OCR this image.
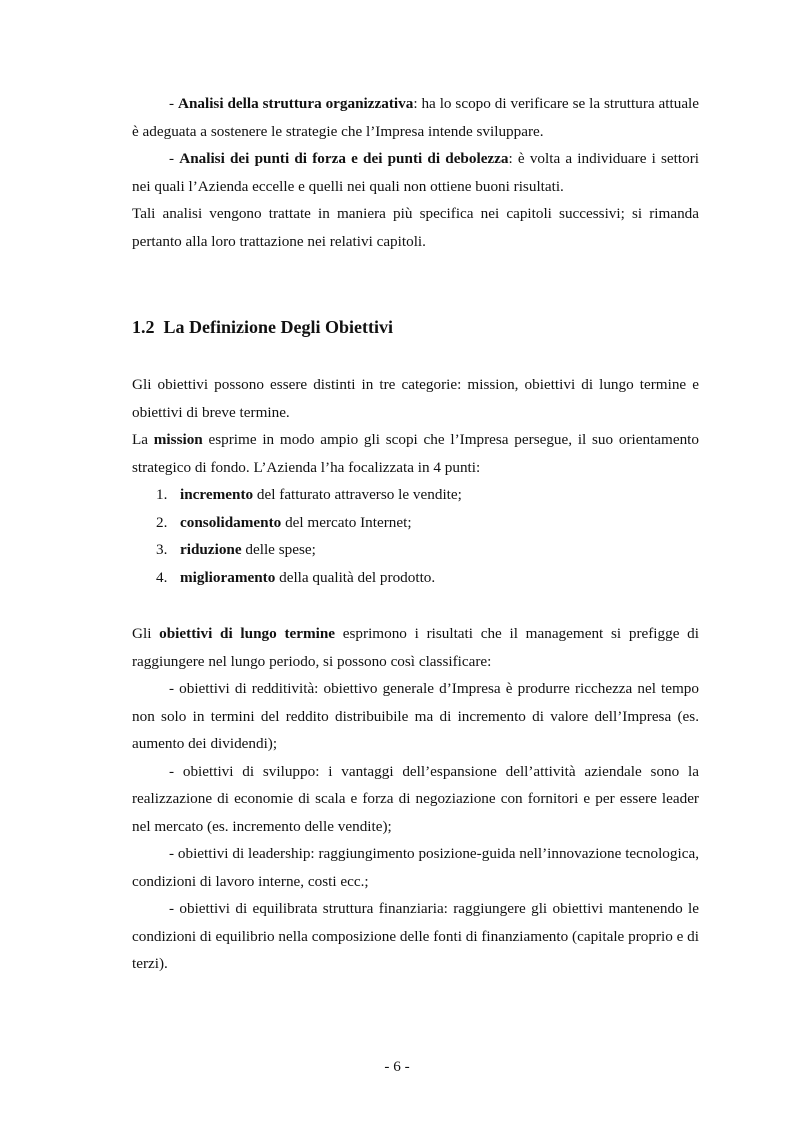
- Analisi della struttura organizzativa: ha lo scopo di verificare se la struttura attuale è adeguata a sostenere le strategie che l’Impresa intende sviluppare.

- Analisi dei punti di forza e dei punti di debolezza: è volta a individuare i settori nei quali l’Azienda eccelle e quelli nei quali non ottiene buoni risultati.

Tali analisi vengono trattate in maniera più specifica nei capitoli successivi; si rimanda pertanto alla loro trattazione nei relativi capitoli.

1.2 La Definizione Degli Obiettivi

Gli obiettivi possono essere distinti in tre categorie: mission, obiettivi di lungo termine e obiettivi di breve termine.

La mission esprime in modo ampio gli scopi che l’Impresa persegue, il suo orientamento strategico di fondo. L’Azienda l’ha focalizzata in 4 punti:

1. incremento del fatturato attraverso le vendite;
2. consolidamento del mercato Internet;
3. riduzione delle spese;
4. miglioramento della qualità del prodotto.

Gli obiettivi di lungo termine esprimono i risultati che il management si prefigge di raggiungere nel lungo periodo, si possono così classificare:

- obiettivi di redditività: obiettivo generale d’Impresa è produrre ricchezza nel tempo non solo in termini del reddito distribuibile ma di incremento di valore dell’Impresa (es. aumento dei dividendi);

- obiettivi di sviluppo: i vantaggi dell’espansione dell’attività aziendale sono la realizzazione di economie di scala e forza di negoziazione con fornitori e per essere leader nel mercato (es. incremento delle vendite);

- obiettivi di leadership: raggiungimento posizione-guida nell’innovazione tecnologica, condizioni di lavoro interne, costi ecc.;

- obiettivi di equilibrata struttura finanziaria: raggiungere gli obiettivi mantenendo le condizioni di equilibrio nella composizione delle fonti di finanziamento (capitale proprio e di terzi).

- 6 -
